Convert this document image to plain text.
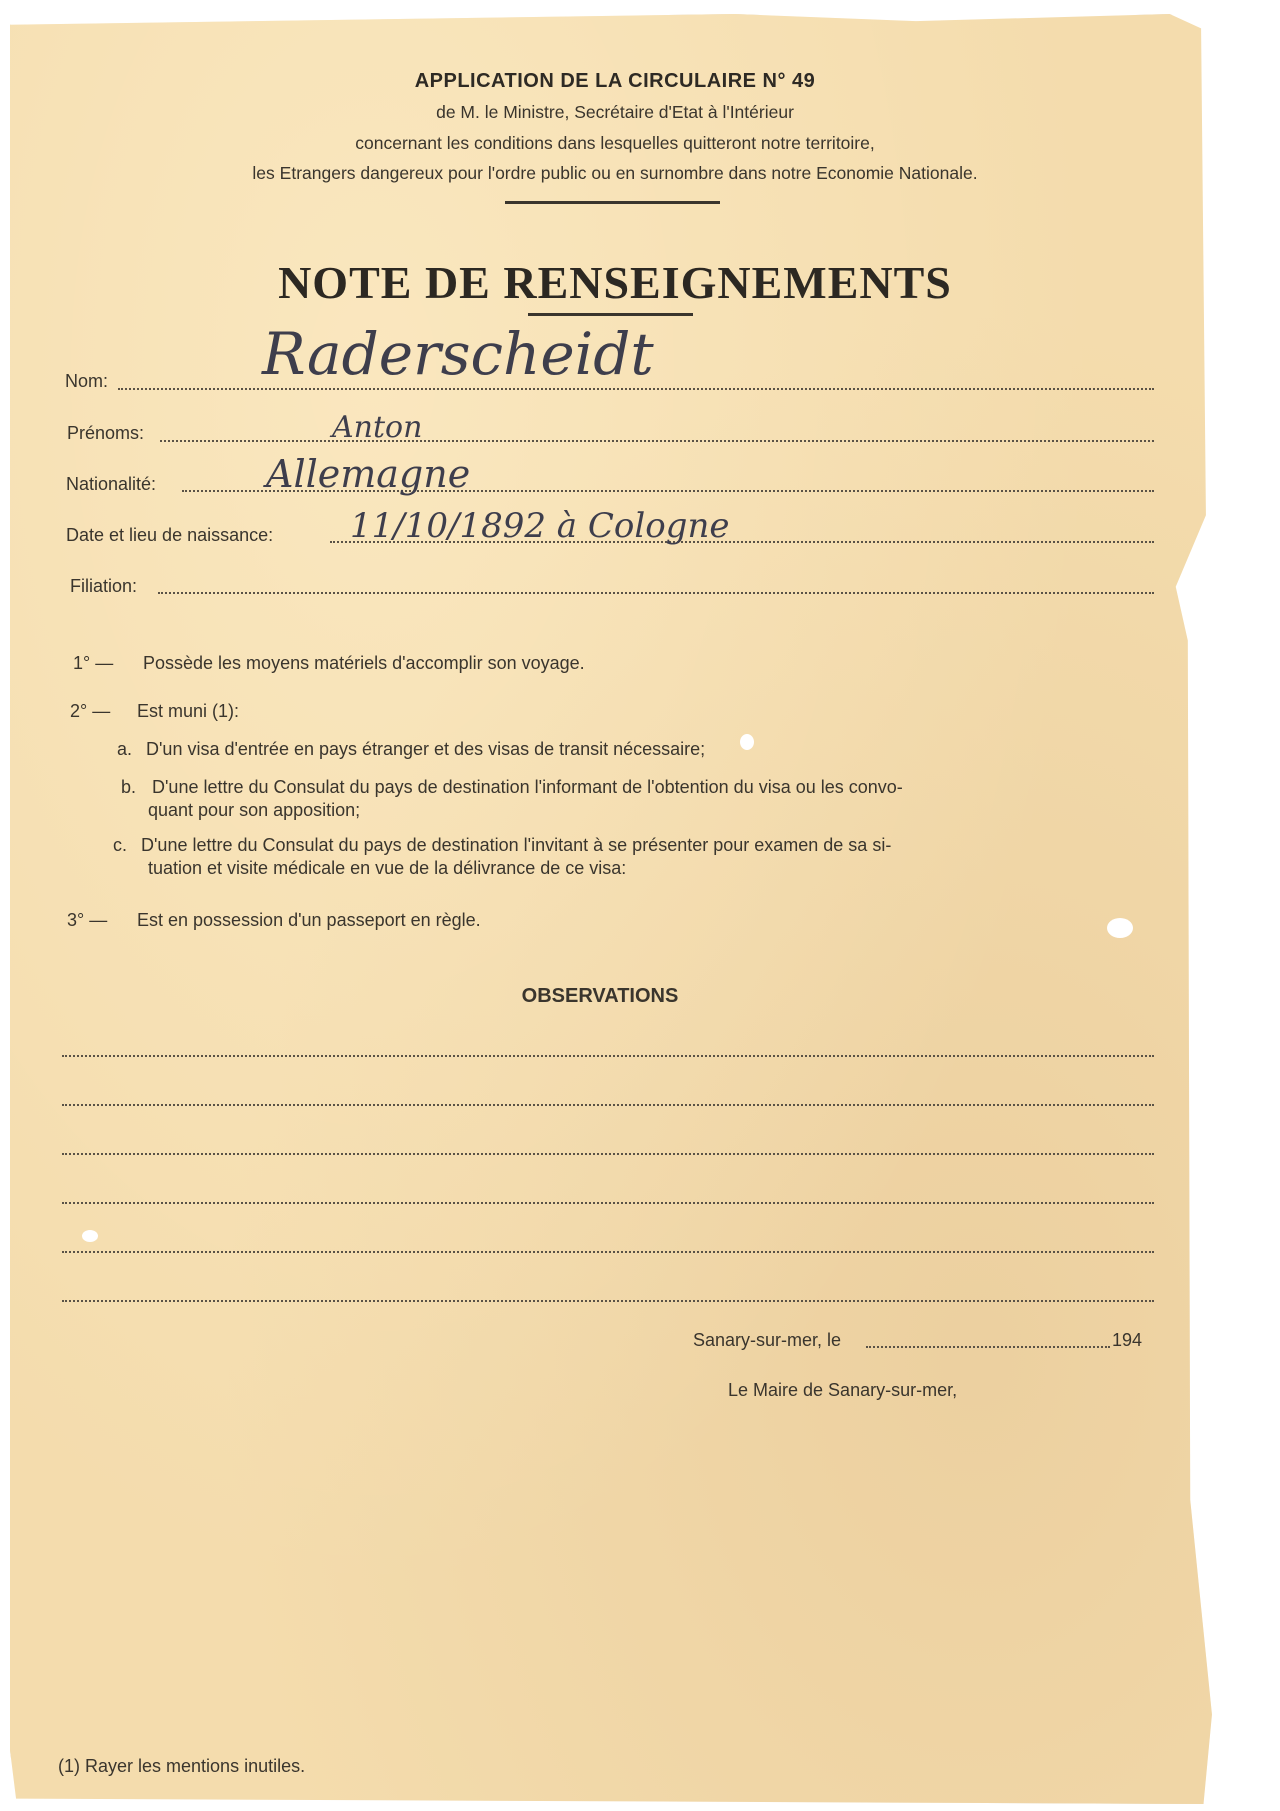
APPLICATION DE LA CIRCULAIRE N° 49
de M. le Ministre, Secrétaire d'Etat à l'Intérieur
concernant les conditions dans lesquelles quitteront notre territoire,
les Etrangers dangereux pour l'ordre public ou en surnombre dans notre Economie Nationale.
NOTE DE RENSEIGNEMENTS
Nom:	Raderscheidt
Prénoms:	Anton
Nationalité:	Allemagne
Date et lieu de naissance: 11/10/1892 à Cologne
Filiation:
1° — Possède les moyens matériels d'accomplir son voyage.
2° — Est muni (1):
a. D'un visa d'entrée en pays étranger et des visas de transit nécessaire;
b. D'une lettre du Consulat du pays de destination l'informant de l'obtention du visa ou les convo-
quant pour son apposition;
c. D'une lettre du Consulat du pays de destination l'invitant à se présenter pour examen de sa si-
tuation et visite médicale en vue de la délivrance de ce visa:
3° — Est en possession d'un passeport en règle.
OBSERVATIONS
Sanary-sur-mer, le	194
Le Maire de Sanary-sur-mer,
(1) Rayer les mentions inutiles.
